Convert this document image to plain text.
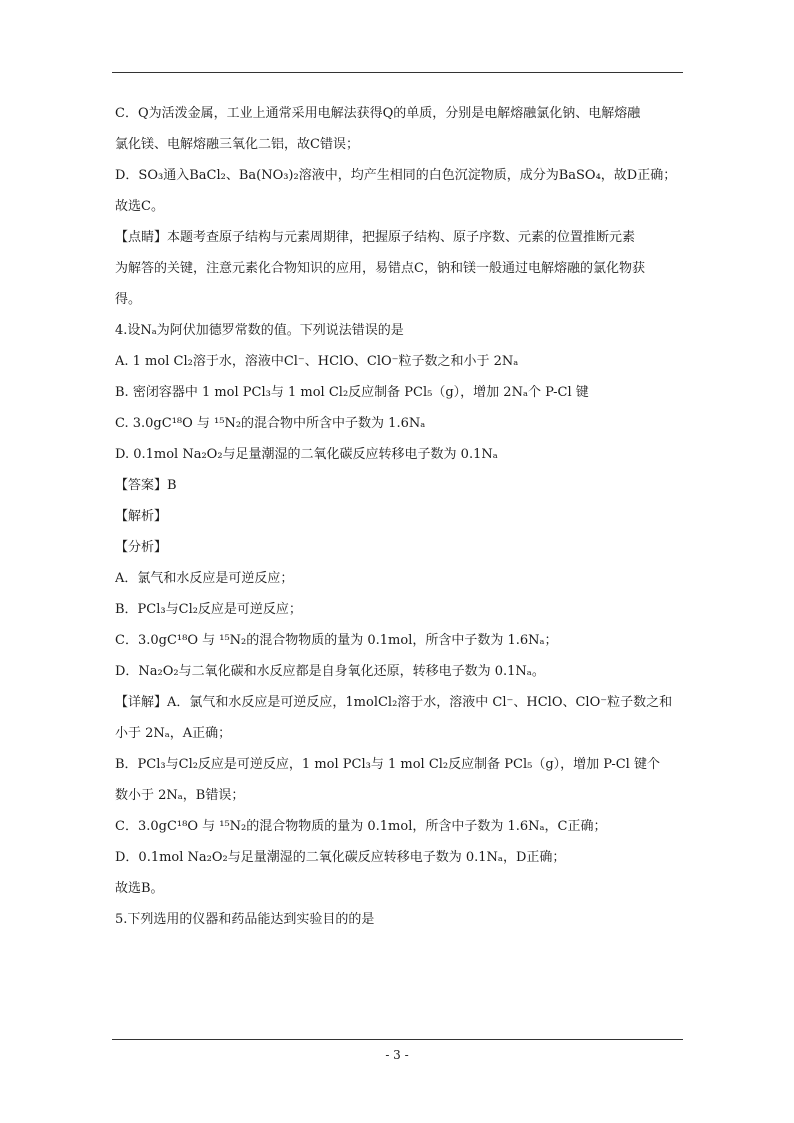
C．Q为活泼金属，工业上通常采用电解法获得Q的单质，分别是电解熔融氯化钠、电解熔融
氯化镁、电解熔融三氧化二铝，故C错误；
D．SO₃通入BaCl₂、Ba(NO₃)₂溶液中，均产生相同的白色沉淀物质，成分为BaSO₄，故D正确；
故选C。
【点睛】本题考查原子结构与元素周期律，把握原子结构、原子序数、元素的位置推断元素
为解答的关键，注意元素化合物知识的应用，易错点C，钠和镁一般通过电解熔融的氯化物获
得。
4.设Nₐ为阿伏加德罗常数的值。下列说法错误的是
A. 1 mol Cl₂溶于水，溶液中Cl⁻、HClO、ClO⁻粒子数之和小于 2Nₐ
B. 密闭容器中 1 mol PCl₃与 1 mol Cl₂反应制备 PCl₅（g），增加 2Nₐ个 P-Cl 键
C. 3.0gC¹⁸O 与 ¹⁵N₂的混合物中所含中子数为 1.6Nₐ
D. 0.1mol Na₂O₂与足量潮湿的二氧化碳反应转移电子数为 0.1Nₐ
【答案】B
【解析】
【分析】
A．氯气和水反应是可逆反应；
B．PCl₃与Cl₂反应是可逆反应；
C．3.0gC¹⁸O 与 ¹⁵N₂的混合物物质的量为 0.1mol，所含中子数为 1.6Nₐ；
D．Na₂O₂与二氧化碳和水反应都是自身氧化还原，转移电子数为 0.1Nₐ。
【详解】A．氯气和水反应是可逆反应，1molCl₂溶于水，溶液中 Cl⁻、HClO、ClO⁻粒子数之和
小于 2Nₐ，A正确；
B．PCl₃与Cl₂反应是可逆反应，1 mol PCl₃与 1 mol Cl₂反应制备 PCl₅（g），增加 P-Cl 键个
数小于 2Nₐ，B错误；
C．3.0gC¹⁸O 与 ¹⁵N₂的混合物物质的量为 0.1mol，所含中子数为 1.6Nₐ，C正确；
D．0.1mol Na₂O₂与足量潮湿的二氧化碳反应转移电子数为 0.1Nₐ，D正确；
故选B。
5.下列选用的仪器和药品能达到实验目的的是
- 3 -
